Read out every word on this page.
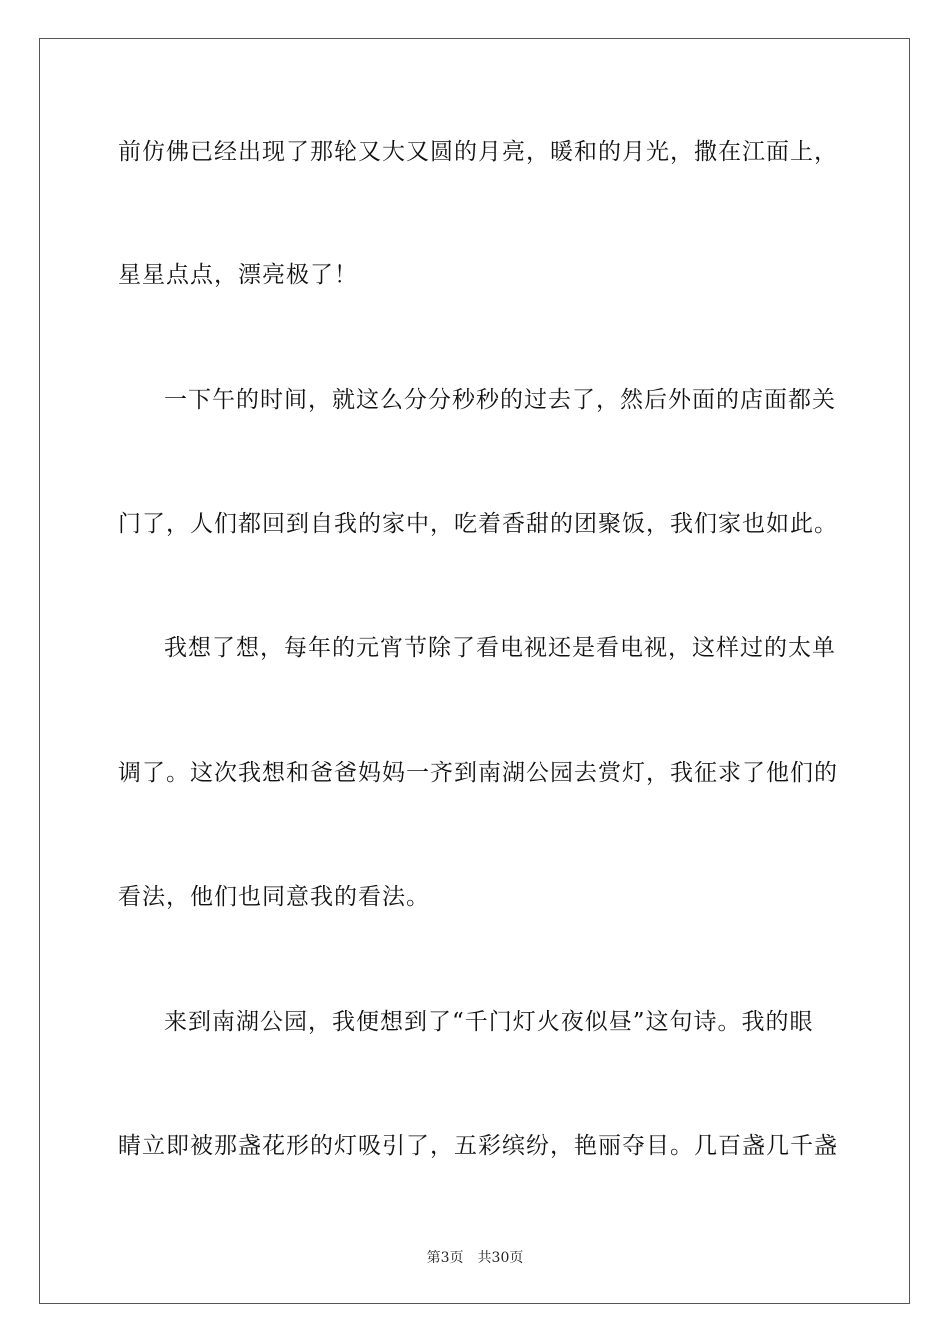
前仿佛已经出现了那轮又大又圆的月亮，暖和的月光，撒在江面上，
星星点点，漂亮极了！
一下午的时间，就这么分分秒秒的过去了，然后外面的店面都关
门了，人们都回到自我的家中，吃着香甜的团聚饭，我们家也如此。
我想了想，每年的元宵节除了看电视还是看电视，这样过的太单
调了。这次我想和爸爸妈妈一齐到南湖公园去赏灯，我征求了他们的
看法，他们也同意我的看法。
来到南湖公园，我便想到了“千门灯火夜似昼”这句诗。我的眼
睛立即被那盏花形的灯吸引了，五彩缤纷，艳丽夺目。几百盏几千盏
第3页 共30页
